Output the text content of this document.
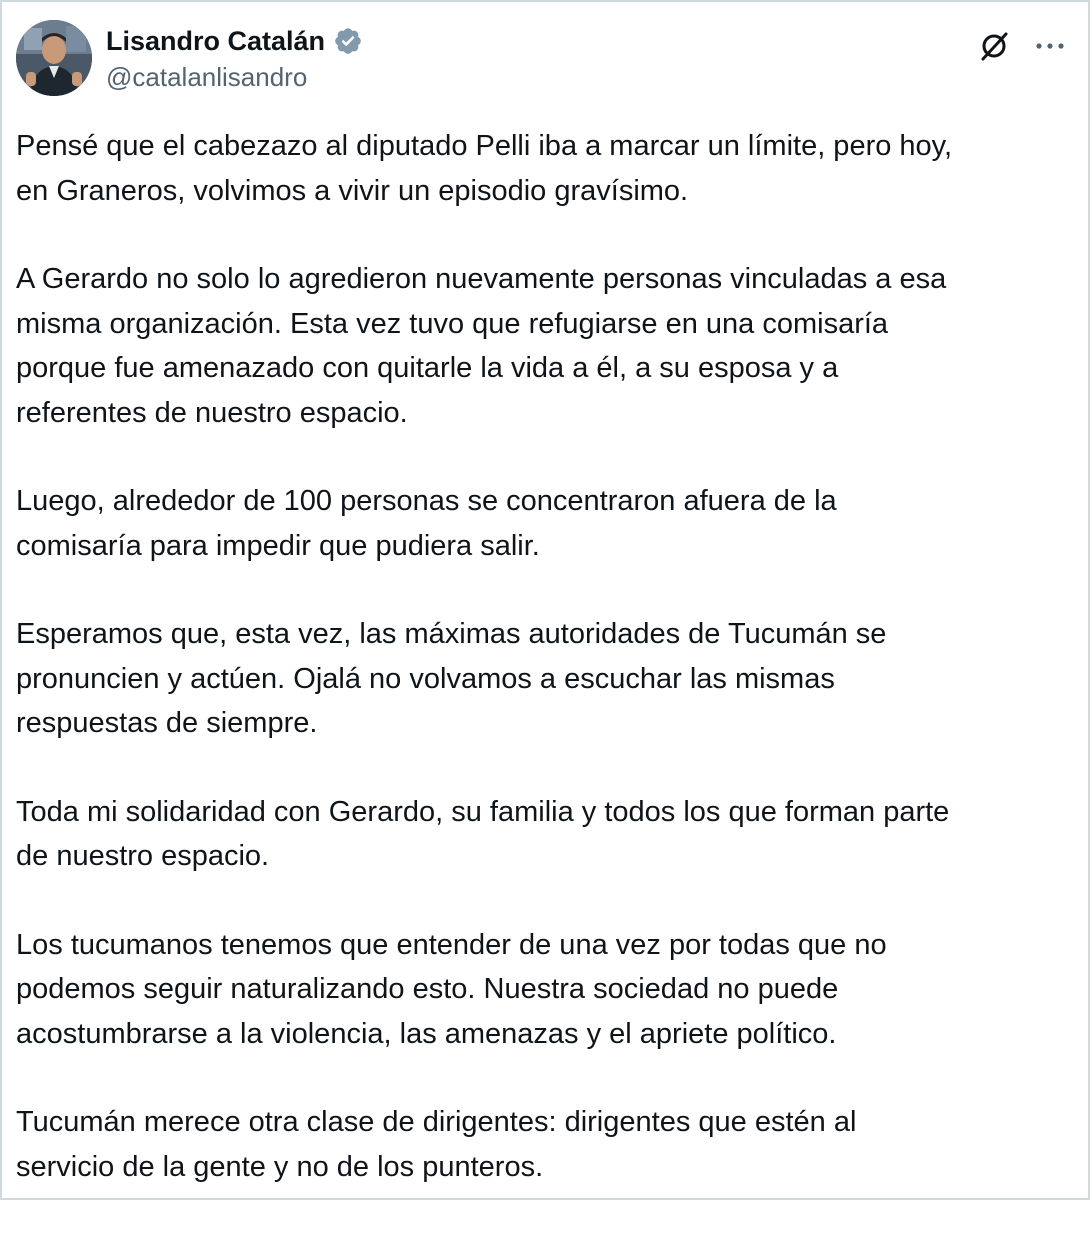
Lisandro Catalán
@catalanlisandro

Pensé que el cabezazo al diputado Pelli iba a marcar un límite, pero hoy,
en Graneros, volvimos a vivir un episodio gravísimo.

A Gerardo no solo lo agredieron nuevamente personas vinculadas a esa
misma organización. Esta vez tuvo que refugiarse en una comisaría
porque fue amenazado con quitarle la vida a él, a su esposa y a
referentes de nuestro espacio.

Luego, alrededor de 100 personas se concentraron afuera de la
comisaría para impedir que pudiera salir.

Esperamos que, esta vez, las máximas autoridades de Tucumán se
pronuncien y actúen. Ojalá no volvamos a escuchar las mismas
respuestas de siempre.

Toda mi solidaridad con Gerardo, su familia y todos los que forman parte
de nuestro espacio.

Los tucumanos tenemos que entender de una vez por todas que no
podemos seguir naturalizando esto. Nuestra sociedad no puede
acostumbrarse a la violencia, las amenazas y el apriete político.

Tucumán merece otra clase de dirigentes: dirigentes que estén al
servicio de la gente y no de los punteros.
